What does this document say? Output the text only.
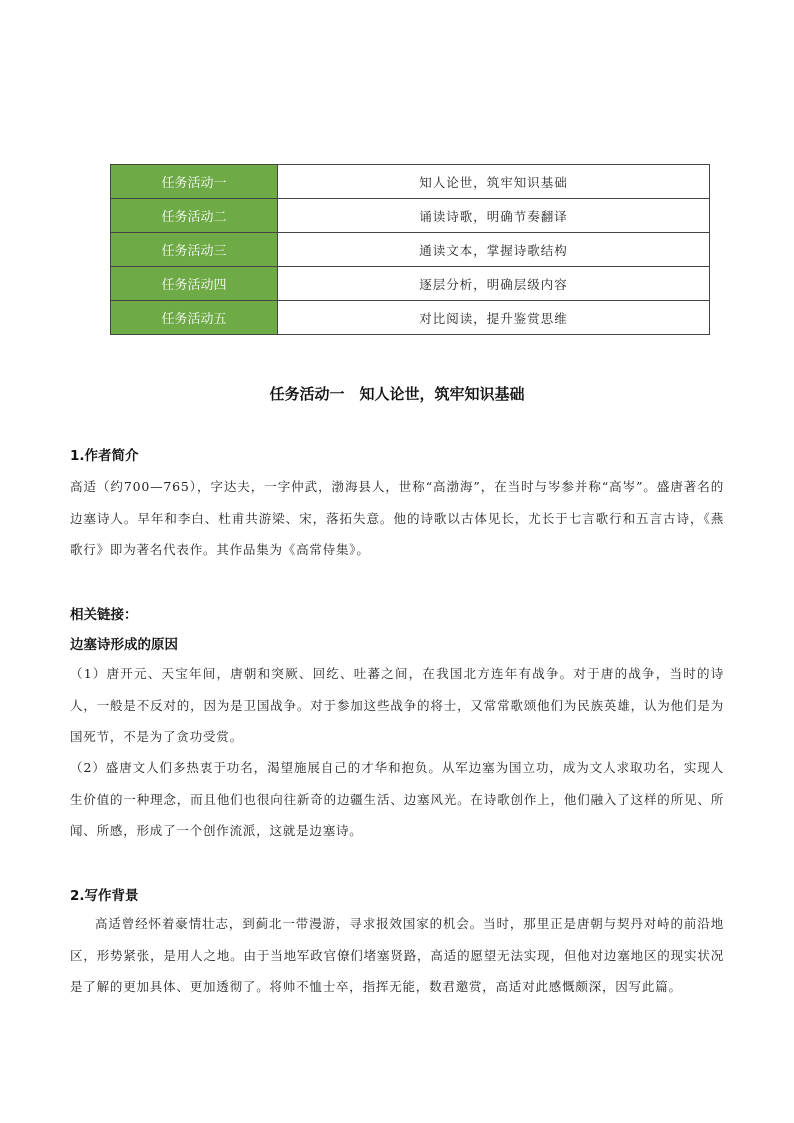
任务活动一	知人论世，筑牢知识基础
任务活动二	诵读诗歌，明确节奏翻译
任务活动三	通读文本，掌握诗歌结构
任务活动四	逐层分析，明确层级内容
任务活动五	对比阅读，提升鉴赏思维
任务活动一　知人论世，筑牢知识基础
1.作者简介

高适（约700—765），字达夫，一字仲武，渤海县人，世称“高渤海”，在当时与岑参并称“高岑”。盛唐著名的边塞诗人。早年和李白、杜甫共游梁、宋，落拓失意。他的诗歌以古体见长，尤长于七言歌行和五言古诗，《燕歌行》即为著名代表作。其作品集为《高常侍集》。

相关链接：
边塞诗形成的原因

（1）唐开元、天宝年间，唐朝和突厥、回纥、吐蕃之间，在我国北方连年有战争。对于唐的战争，当时的诗人，一般是不反对的，因为是卫国战争。对于参加这些战争的将士，又常常歌颂他们为民族英雄，认为他们是为国死节，不是为了贪功受赏。

（2）盛唐文人们多热衷于功名，渴望施展自己的才华和抱负。从军边塞为国立功，成为文人求取功名，实现人生价值的一种理念，而且他们也很向往新奇的边疆生活、边塞风光。在诗歌创作上，他们融入了这样的所见、所闻、所感，形成了一个创作流派，这就是边塞诗。

2.写作背景

高适曾经怀着豪情壮志，到蓟北一带漫游，寻求报效国家的机会。当时，那里正是唐朝与契丹对峙的前沿地区，形势紧张，是用人之地。由于当地军政官僚们堵塞贤路，高适的愿望无法实现，但他对边塞地区的现实状况是了解的更加具体、更加透彻了。将帅不恤士卒，指挥无能，数君邀赏，高适对此感慨颇深，因写此篇。
